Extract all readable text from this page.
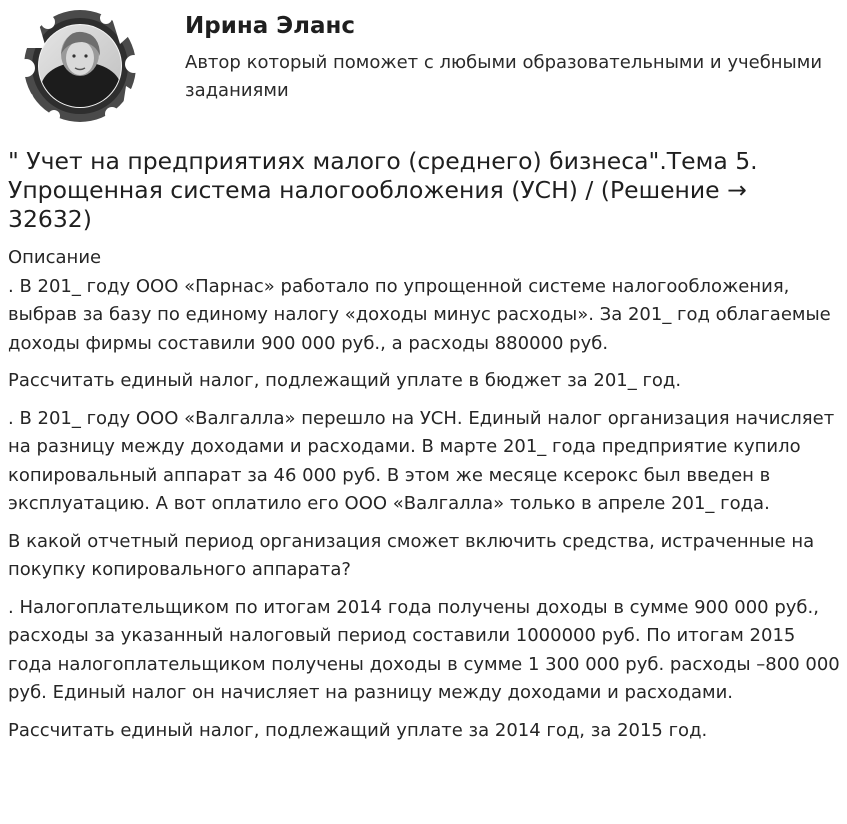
Ирина Эланс
Автор который поможет с любыми образовательными и учебными заданиями
" Учет на предприятиях малого (среднего) бизнеса".Тема 5. Упрощенная система налогообложения (УСН) / (Решение → 32632)
Описание

. В 201_ году ООО «Парнас» работало по упрощенной системе налогообложения, выбрав за базу по единому налогу «доходы минус расходы». За 201_ год облагаемые доходы фирмы составили 900 000 руб., а расходы 880000 руб.

Рассчитать единый налог, подлежащий уплате в бюджет за 201_ год.

. В 201_ году ООО «Валгалла» перешло на УСН. Единый налог организация начисляет на разницу между доходами и расходами. В марте 201_ года предприятие купило копировальный аппарат за 46 000 руб. В этом же месяце ксерокс был введен в эксплуатацию. А вот оплатило его ООО «Валгалла» только в апреле 201_ года.

В какой отчетный период организация сможет включить средства, истраченные на покупку копировального аппарата?

. Налогоплательщиком по итогам 2014 года получены доходы в сумме 900 000 руб., расходы за указанный налоговый период составили 1000000 руб. По итогам 2015 года налогоплательщиком получены доходы в сумме 1 300 000 руб. расходы –800 000 руб. Единый налог он начисляет на разницу между доходами и расходами.

Рассчитать единый налог, подлежащий уплате за 2014 год, за 2015 год.
